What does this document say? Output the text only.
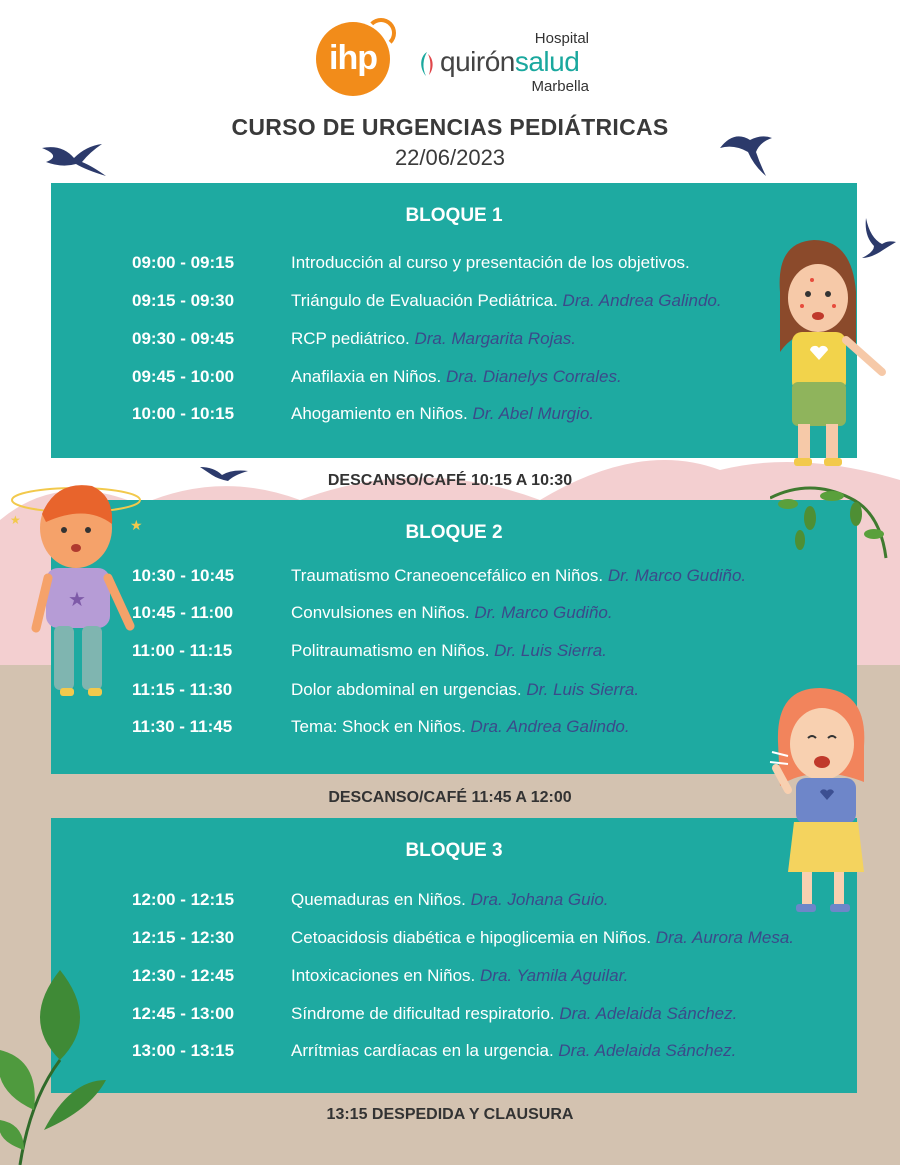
ihp
Hospital
quirónsalud
Marbella
CURSO DE URGENCIAS PEDIÁTRICAS
22/06/2023
BLOQUE 1
09:00 - 09:15	Introducción al curso y presentación de los objetivos.
09:15 - 09:30	Triángulo de Evaluación Pediátrica. Dra. Andrea Galindo.
09:30 - 09:45	RCP pediátrico. Dra. Margarita Rojas.
09:45 - 10:00	Anafilaxia en Niños. Dra. Dianelys Corrales.
10:00 - 10:15	Ahogamiento en Niños. Dr. Abel Murgio.
DESCANSO/CAFÉ 10:15 A 10:30
BLOQUE 2
10:30 - 10:45	Traumatismo Craneoencefálico en Niños. Dr. Marco Gudiño.
10:45 - 11:00	Convulsiones en Niños. Dr. Marco Gudiño.
11:00 - 11:15	Politraumatismo en Niños. Dr. Luis Sierra.
11:15 - 11:30	Dolor abdominal en urgencias. Dr. Luis Sierra.
11:30 - 11:45	Tema: Shock en Niños. Dra. Andrea Galindo.
DESCANSO/CAFÉ 11:45 A 12:00
BLOQUE 3
12:00 - 12:15	Quemaduras en Niños. Dra. Johana Guio.
12:15 - 12:30	Cetoacidosis diabética e hipoglicemia en Niños. Dra. Aurora Mesa.
12:30 - 12:45	Intoxicaciones en Niños. Dra. Yamila Aguilar.
12:45 - 13:00	Síndrome de dificultad respiratorio. Dra. Adelaida Sánchez.
13:00 - 13:15	Arrítmias cardíacas en la urgencia. Dra. Adelaida Sánchez.
13:15 DESPEDIDA Y CLAUSURA
★
★
★
